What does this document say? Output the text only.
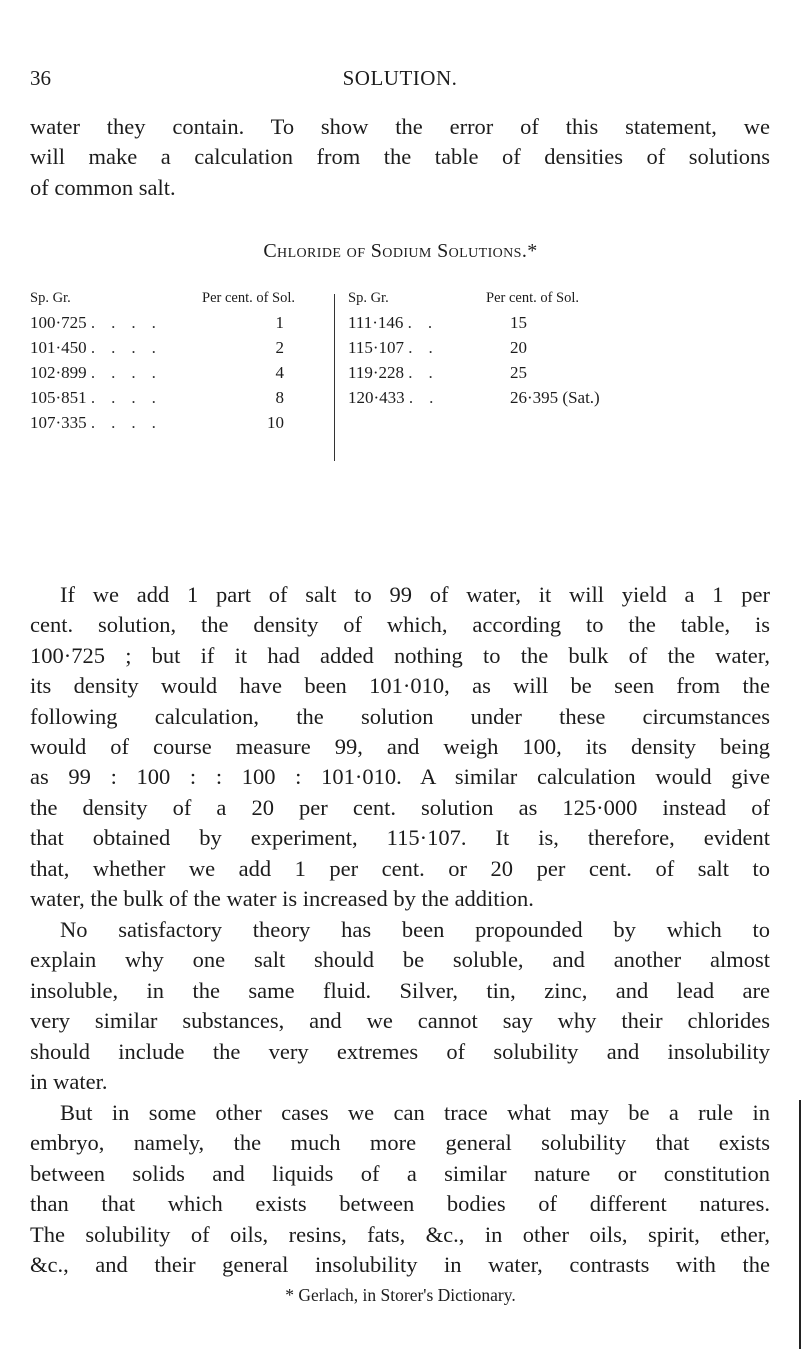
36	SOLUTION.

water they contain. To show the error of this statement, we
will make a calculation from the table of densities of solutions
of common salt.

Chloride of Sodium Solutions.*
Sp. Gr.
100·725 ....
101·450 ....
102·899 ....
105·851 ....
107·335 ....
Per cent. of Sol.
1
2
4
8
10
Sp. Gr.
111·146 ..
115·107 ..
119·228 ..
120·433 ..
Per cent. of Sol.
15
20
25
26·395 (Sat.)

If we add 1 part of salt to 99 of water, it will yield a 1 per
cent. solution, the density of which, according to the table, is
100·725 ; but if it had added nothing to the bulk of the water,
its density would have been 101·010, as will be seen from the
following calculation, the solution under these circumstances
would of course measure 99, and weigh 100, its density being
as 99 : 100 : : 100 : 101·010. A similar calculation would give
the density of a 20 per cent. solution as 125·000 instead of
that obtained by experiment, 115·107. It is, therefore, evident
that, whether we add 1 per cent. or 20 per cent. of salt to
water, the bulk of the water is increased by the addition.

No satisfactory theory has been propounded by which to
explain why one salt should be soluble, and another almost
insoluble, in the same fluid. Silver, tin, zinc, and lead are
very similar substances, and we cannot say why their chlorides
should include the very extremes of solubility and insolubility
in water.

But in some other cases we can trace what may be a rule in
embryo, namely, the much more general solubility that exists
between solids and liquids of a similar nature or constitution
than that which exists between bodies of different natures.
The solubility of oils, resins, fats, &c., in other oils, spirit, ether,
&c., and their general insolubility in water, contrasts with the

* Gerlach, in Storer's Dictionary.
